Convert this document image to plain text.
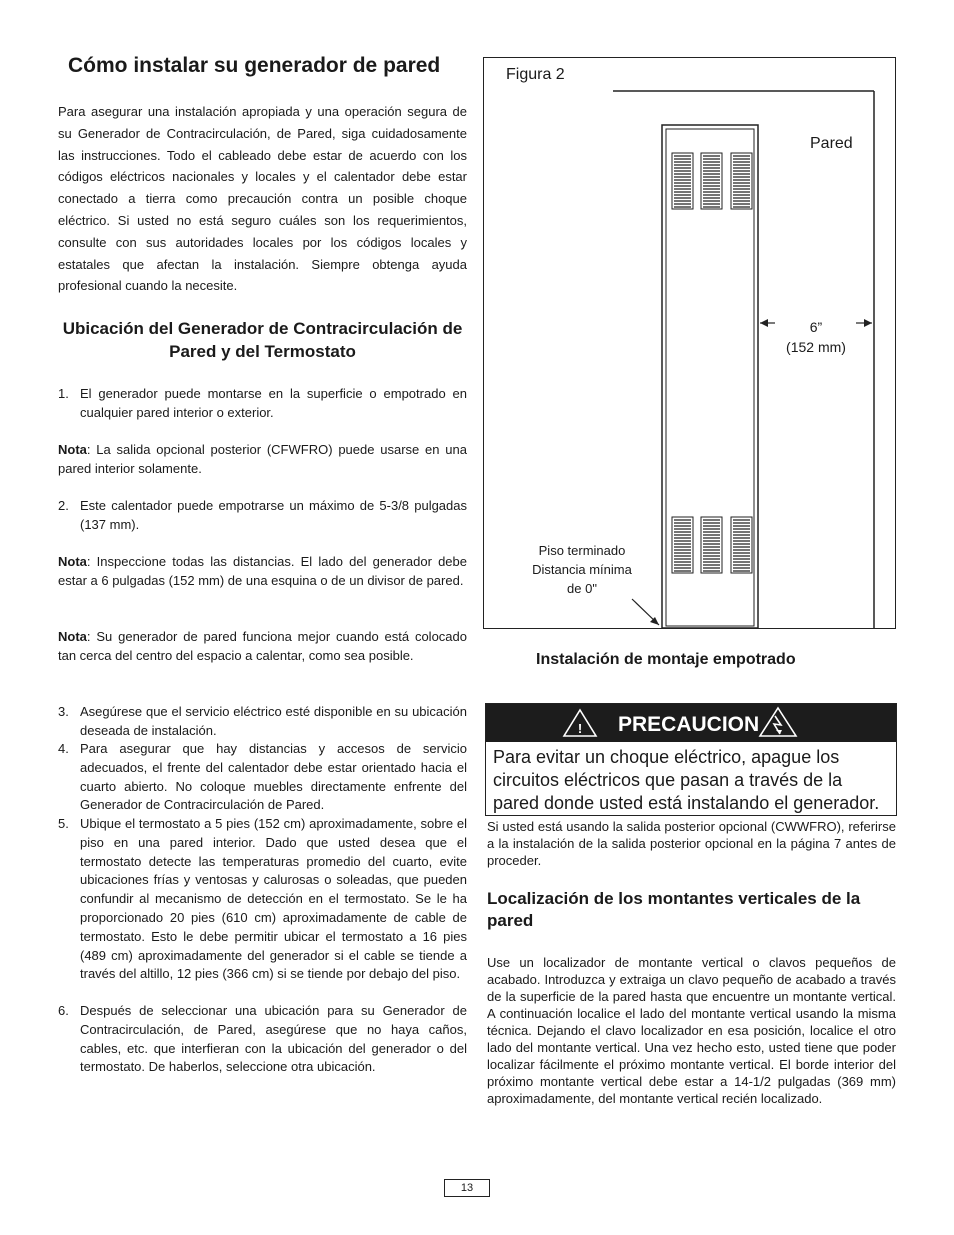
Cómo instalar su generador de pared

Para asegurar una instalación apropiada y una operación segura de su Generador de Contracirculación, de Pared, siga cuidadosamente las instrucciones. Todo el cableado debe estar de acuerdo con los códigos eléctricos nacionales y locales y el calentador debe estar conectado a tierra como precaución contra un posible choque eléctrico. Si usted no está seguro cuáles son los requerimientos, consulte con sus autoridades locales por los códigos locales y estatales que afectan la instalación. Siempre obtenga ayuda profesional cuando la necesite.

Ubicación del Generador de Contracirculación de Pared y del Termostato
1. El generador puede montarse en la superficie o empotrado en cualquier pared interior o exterior.
Nota: La salida opcional posterior (CFWFRO) puede usarse en una pared interior solamente.
2. Este calentador puede empotrarse un máximo de 5-3/8 pulgadas (137 mm).
Nota: Inspeccione todas las distancias. El lado del generador debe estar a 6 pulgadas (152 mm) de una esquina o de un divisor de pared.
Nota: Su generador de pared funciona mejor cuando está colocado tan cerca del centro del espacio a calentar, como sea posible.
3. Asegúrese que el servicio eléctrico esté disponible en su ubicación deseada de instalación.
4. Para asegurar que hay distancias y accesos de servicio adecuados, el frente del calentador debe estar orientado hacia el cuarto abierto. No coloque muebles directamente enfrente del Generador de Contracirculación de Pared.
5. Ubique el termostato a 5 pies (152 cm) aproximadamente, sobre el piso en una pared interior. Dado que usted desea que el termostato detecte las temperaturas promedio del cuarto, evite ubicaciones frías y ventosas y calurosas o soleadas, que pueden confundir al mecanismo de detección en el termostato. Se le ha proporcionado 20 pies (610 cm) aproximadamente de cable de termostato. Esto le debe permitir ubicar el termostato a 16 pies (489 cm) aproximadamente del generador si el cable se tiende a través del altillo, 12 pies (366 cm) si se tiende por debajo del piso.
6. Después de seleccionar una ubicación para su Generador de Contracirculación, de Pared, asegúrese que no haya caños, cables, etc. que interfieran con la ubicación del generador o del termostato. De haberlos, seleccione otra ubicación.
Figura 2
Pared
6”
(152 mm)
Piso terminado
Distancia mínima
de 0"
Instalación de montaje empotrado
! PRECAUCION

Para evitar un choque eléctrico, apague los circuitos eléctricos que pasan a través de la pared donde usted está instalando el generador.

Si usted está usando la salida posterior opcional (CWWFRO), referirse a la instalación de la salida posterior opcional en la página 7 antes de proceder.

Localización de los montantes verticales de la pared

Use un localizador de montante vertical o clavos pequeños de acabado. Introduzca y extraiga un clavo pequeño de acabado a través de la superficie de la pared hasta que encuentre un montante vertical. A continuación localice el lado del montante vertical usando la misma técnica. Dejando el clavo localizador en esa posición, localice el otro lado del montante vertical. Una vez hecho esto, usted tiene que poder localizar fácilmente el próximo montante vertical. El borde interior del próximo montante vertical debe estar a 14-1/2 pulgadas (369 mm) aproximadamente, del montante vertical recién localizado.

13
